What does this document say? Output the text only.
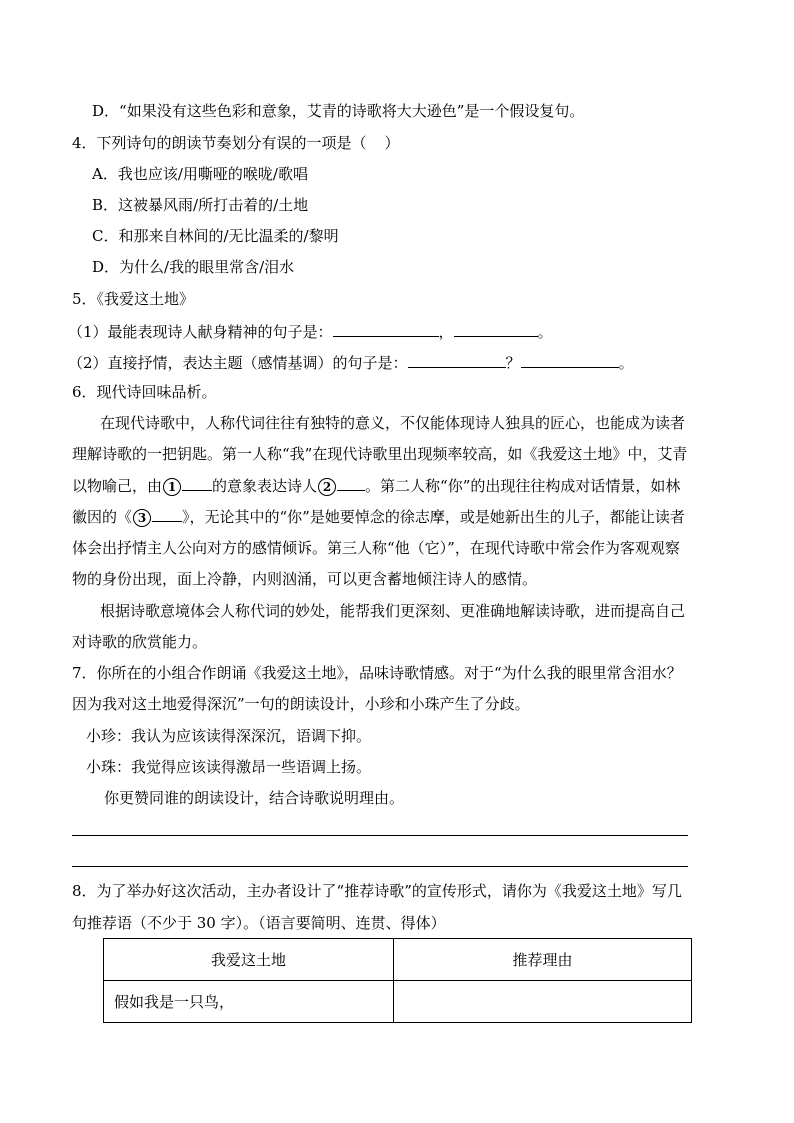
D．“如果没有这些色彩和意象，艾青的诗歌将大大逊色”是一个假设复句。
4．下列诗句的朗读节奏划分有误的一项是（ ）
A．我也应该/用嘶哑的喉咙/歌唱
B．这被暴风雨/所打击着的/土地
C．和那来自林间的/无比温柔的/黎明
D．为什么/我的眼里常含/泪水
5．《我爱这土地》
（1）最能表现诗人献身精神的句子是：	，	。
（2）直接抒情，表达主题（感情基调）的句子是：	？	。
6．现代诗回味品析。
在现代诗歌中，人称代词往往有独特的意义，不仅能体现诗人独具的匠心，也能成为读者
理解诗歌的一把钥匙。第一人称“我”在现代诗歌里出现频率较高，如《我爱这土地》中，艾青
以物喻己，由 1 的意象表达诗人 2 。第二人称“你”的出现往往构成对话情景，如林
徽因的《 3 》，无论其中的“你”是她要悼念的徐志摩，或是她新出生的儿子，都能让读者
体会出抒情主人公向对方的感情倾诉。第三人称“他（它）”，在现代诗歌中常会作为客观观察
物的身份出现，面上冷静，内则汹涌，可以更含蓄地倾注诗人的感情。
根据诗歌意境体会人称代词的妙处，能帮我们更深刻、更准确地解读诗歌，进而提高自己
对诗歌的欣赏能力。
7．你所在的小组合作朗诵《我爱这土地》，品味诗歌情感。对于“为什么我的眼里常含泪水？
因为我对这土地爱得深沉”一句的朗读设计，小珍和小珠产生了分歧。
小珍：我认为应该读得深深沉，语调下抑。
小珠：我觉得应该读得激昂一些语调上扬。
你更赞同谁的朗读设计，结合诗歌说明理由。
8．为了举办好这次活动，主办者设计了“推荐诗歌”的宣传形式，请你为《我爱这土地》写几
句推荐语（不少于 30 字）。（语言要简明、连贯、得体）
我爱这土地	推荐理由
假如我是一只鸟，	
